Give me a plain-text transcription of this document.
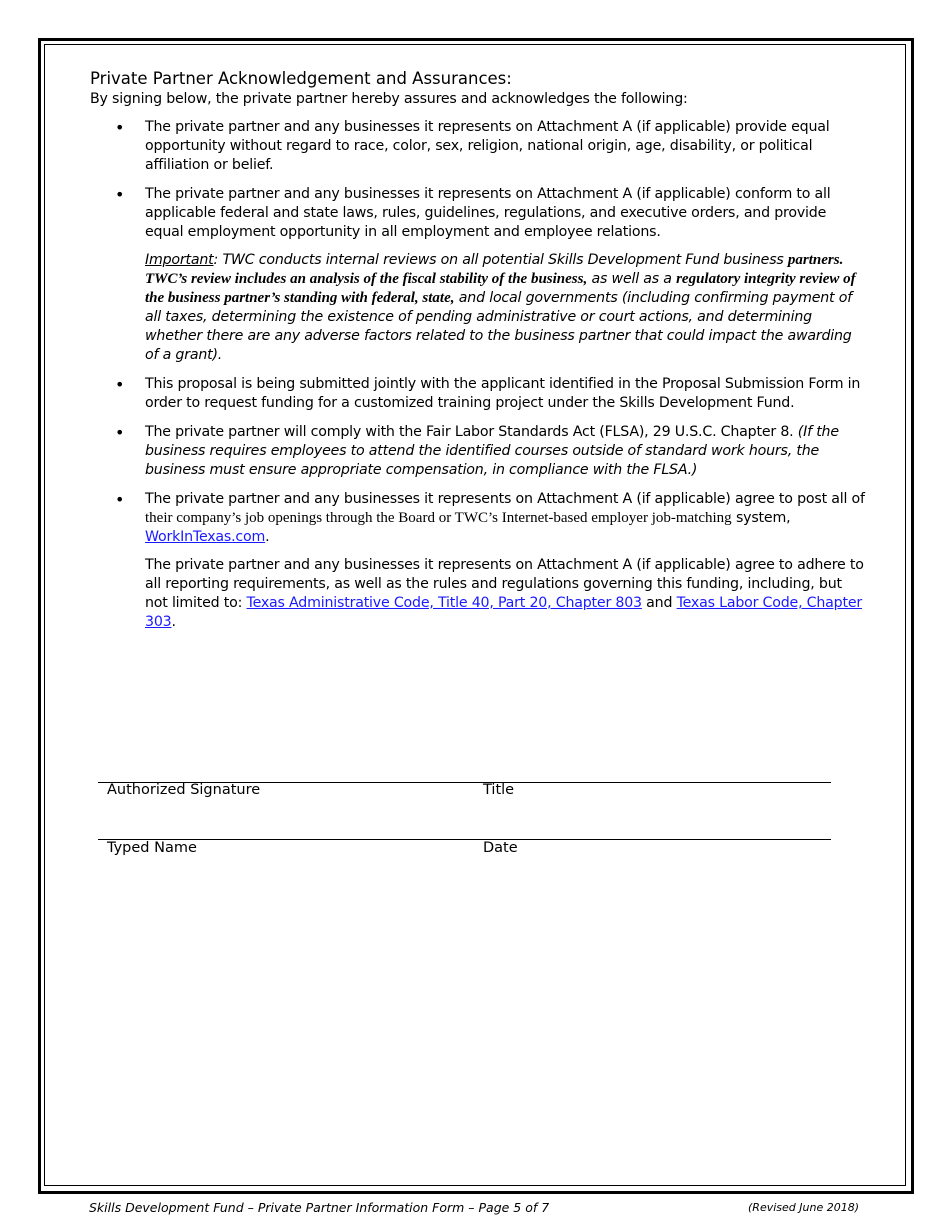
Private Partner Acknowledgement and Assurances:

By signing below, the private partner hereby assures and acknowledges the following:

• The private partner and any businesses it represents on Attachment A (if applicable) provide equal opportunity without regard to race, color, sex, religion, national origin, age, disability, or political affiliation or belief.

• The private partner and any businesses it represents on Attachment A (if applicable) conform to all applicable federal and state laws, rules, guidelines, regulations, and executive orders, and provide equal employment opportunity in all employment and employee relations.

Important: TWC conducts internal reviews on all potential Skills Development Fund business partners. TWC’s review includes an analysis of the fiscal stability of the business, as well as a regulatory integrity review of the business partner’s standing with federal, state, and local governments (including confirming payment of all taxes, determining the existence of pending administrative or court actions, and determining whether there are any adverse factors related to the business partner that could impact the awarding of a grant).

• This proposal is being submitted jointly with the applicant identified in the Proposal Submission Form in order to request funding for a customized training project under the Skills Development Fund.

• The private partner will comply with the Fair Labor Standards Act (FLSA), 29 U.S.C. Chapter 8. (If the business requires employees to attend the identified courses outside of standard work hours, the business must ensure appropriate compensation, in compliance with the FLSA.)

• The private partner and any businesses it represents on Attachment A (if applicable) agree to post all of their company’s job openings through the Board or TWC’s Internet-based employer job-matching system, WorkInTexas.com.

The private partner and any businesses it represents on Attachment A (if applicable) agree to adhere to all reporting requirements, as well as the rules and regulations governing this funding, including, but not limited to: Texas Administrative Code, Title 40, Part 20, Chapter 803 and Texas Labor Code, Chapter 303.

Authorized Signature	Title
Typed Name	Date
Skills Development Fund – Private Partner Information Form – Page 5 of 7	(Revised June 2018)
